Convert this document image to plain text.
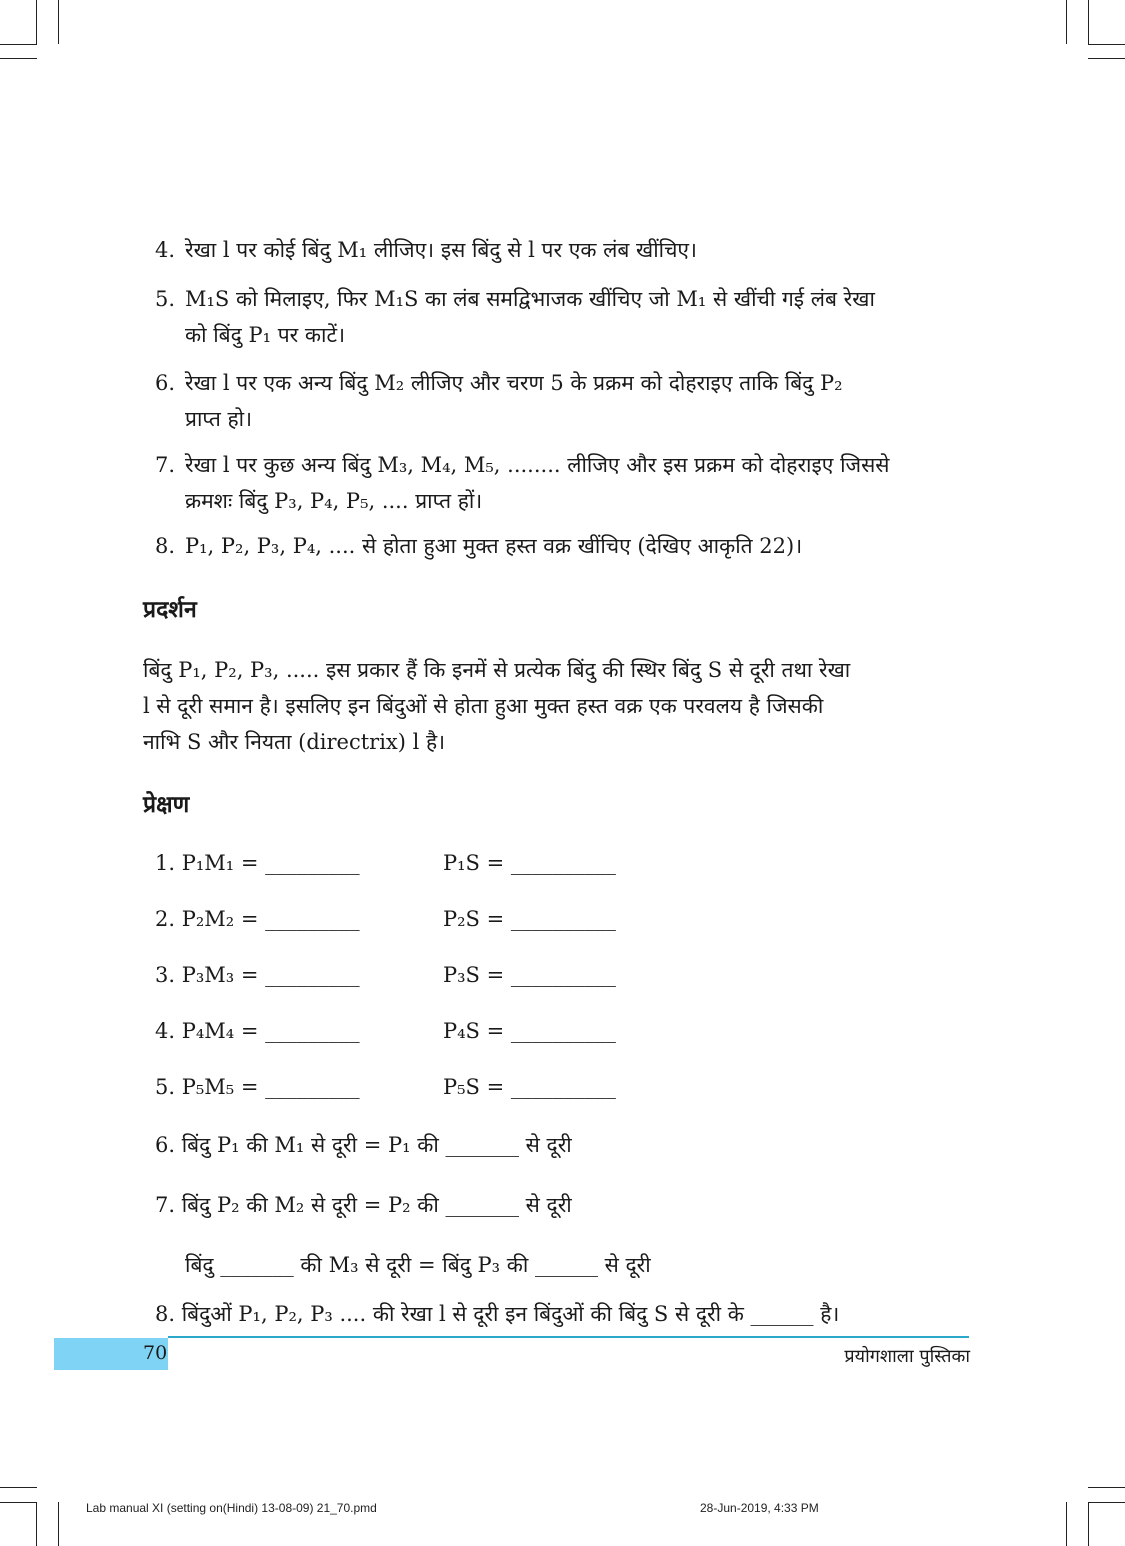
4. रेखा l पर कोई बिंदु M₁ लीजिए। इस बिंदु से l पर एक लंब खींचिए।
5. M₁S को मिलाइए, फिर M₁S का लंब समद्विभाजक खींचिए जो M₁ से खींची गई लंब रेखा
को बिंदु P₁ पर काटें।
6. रेखा l पर एक अन्य बिंदु M₂ लीजिए और चरण 5 के प्रक्रम को दोहराइए ताकि बिंदु P₂
प्राप्त हो।
7. रेखा l पर कुछ अन्य बिंदु M₃, M₄, M₅, ........ लीजिए और इस प्रक्रम को दोहराइए जिससे
क्रमशः बिंदु P₃, P₄, P₅, .... प्राप्त हों।
8. P₁, P₂, P₃, P₄, .... से होता हुआ मुक्त हस्त वक्र खींचिए (देखिए आकृति 22)।
प्रदर्शन
बिंदु P₁, P₂, P₃, ..... इस प्रकार हैं कि इनमें से प्रत्येक बिंदु की स्थिर बिंदु S से दूरी तथा रेखा
l से दूरी समान है। इसलिए इन बिंदुओं से होता हुआ मुक्त हस्त वक्र एक परवलय है जिसकी
नाभि S और नियता (directrix) l है।
प्रेक्षण
1. P₁M₁ = _________	P₁S = __________
2. P₂M₂ = _________	P₂S = __________
3. P₃M₃ = _________	P₃S = __________
4. P₄M₄ = _________	P₄S = __________
5. P₅M₅ = _________	P₅S = __________
6. बिंदु P₁ की M₁ से दूरी = P₁ की _______ से दूरी
7. बिंदु P₂ की M₂ से दूरी = P₂ की _______ से दूरी
बिंदु _______ की M₃ से दूरी = बिंदु P₃ की ______ से दूरी
8. बिंदुओं P₁, P₂, P₃ .... की रेखा l से दूरी इन बिंदुओं की बिंदु S से दूरी के ______ है।
70	प्रयोगशाला पुस्तिका
Lab manual XI (setting on(Hindi) 13-08-09) 21_70.pmd	28-Jun-2019, 4:33 PM
